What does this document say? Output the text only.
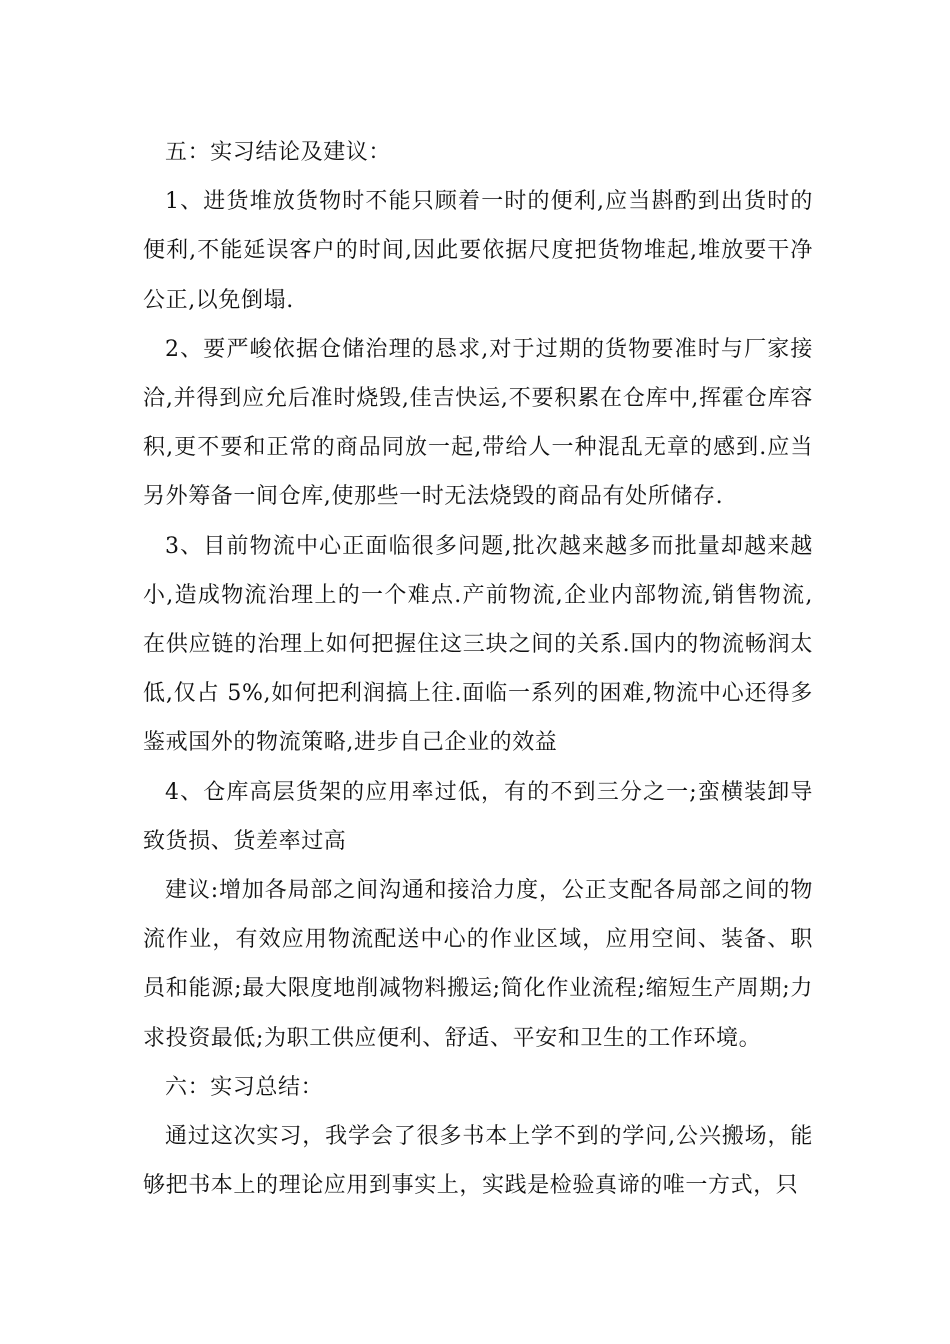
五：实习结论及建议：

1、进货堆放货物时不能只顾着一时的便利,应当斟酌到出货时的便利,不能延误客户的时间,因此要依据尺度把货物堆起,堆放要干净公正,以免倒塌.

2、要严峻依据仓储治理的恳求,对于过期的货物要准时与厂家接洽,并得到应允后准时烧毁,佳吉快运,不要积累在仓库中,挥霍仓库容积,更不要和正常的商品同放一起,带给人一种混乱无章的感到.应当另外筹备一间仓库,使那些一时无法烧毁的商品有处所储存.

3、目前物流中心正面临很多问题,批次越来越多而批量却越来越小,造成物流治理上的一个难点.产前物流,企业内部物流,销售物流,在供应链的治理上如何把握住这三块之间的关系.国内的物流畅润太低,仅占 5%,如何把利润搞上往.面临一系列的困难,物流中心还得多鉴戒国外的物流策略,进步自己企业的效益

4、仓库高层货架的应用率过低，有的不到三分之一;蛮横装卸导致货损、货差率过高

建议:增加各局部之间沟通和接洽力度，公正支配各局部之间的物流作业，有效应用物流配送中心的作业区域，应用空间、装备、职员和能源;最大限度地削减物料搬运;简化作业流程;缩短生产周期;力求投资最低;为职工供应便利、舒适、平安和卫生的工作环境。

六：实习总结：

通过这次实习，我学会了很多书本上学不到的学问,公兴搬场，能够把书本上的理论应用到事实上，实践是检验真谛的唯一方式，只
